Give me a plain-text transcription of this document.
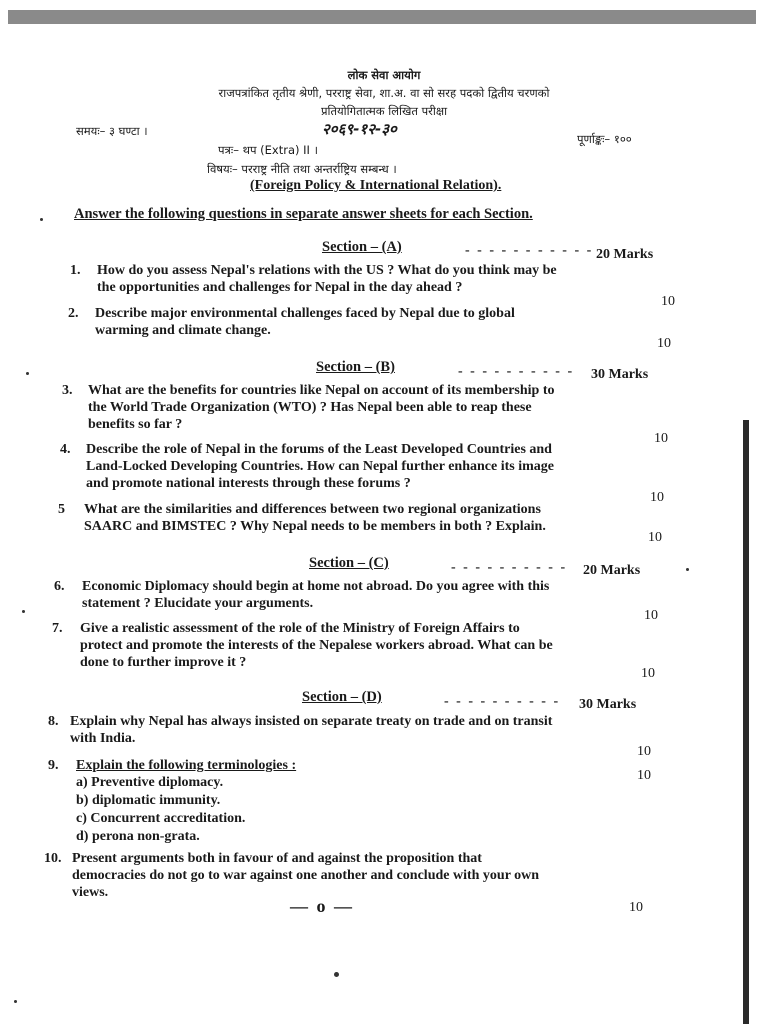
लोक सेवा आयोग
राजपत्रांकित तृतीय श्रेणी, परराष्ट्र सेवा, शा.अ. वा सो सरह पदको द्वितीय चरणको
प्रतियोगितात्मक लिखित परीक्षा
समयः– ३ घण्टा ।	२०६९-१२-३०
पूर्णाङ्कः– १००
पत्रः– थप (Extra) II ।
विषयः– परराष्ट्र नीति तथा अन्तर्राष्ट्रिय सम्बन्ध ।
(Foreign Policy & International Relation).
Answer the following questions in separate answer sheets for each Section.
Section – (A)	- - - - - - - - - - - 20 Marks
1. How do you assess Nepal's relations with the US ? What do you think may be
the opportunities and challenges for Nepal in the day ahead ?
10
2. Describe major environmental challenges faced by Nepal due to global
warming and climate change.
10
Section – (B)	- - - - - - - - - - 30 Marks
3. What are the benefits for countries like Nepal on account of its membership to
the World Trade Organization (WTO) ? Has Nepal been able to reap these
benefits so far ?
10
4. Describe the role of Nepal in the forums of the Least Developed Countries and
Land-Locked Developing Countries. How can Nepal further enhance its image
and promote national interests through these forums ?
10
5 What are the similarities and differences between two regional organizations
SAARC and BIMSTEC ? Why Nepal needs to be members in both ? Explain.
10
Section – (C)	- - - - - - - - - - 20 Marks
6. Economic Diplomacy should begin at home not abroad. Do you agree with this
statement ? Elucidate your arguments.
10
7. Give a realistic assessment of the role of the Ministry of Foreign Affairs to
protect and promote the interests of the Nepalese workers abroad. What can be
done to further improve it ?
10
Section – (D)	- - - - - - - - - - 30 Marks
8. Explain why Nepal has always insisted on separate treaty on trade and on transit
with India.
10
9. Explain the following terminologies :
10
a) Preventive diplomacy.
b) diplomatic immunity.
c) Concurrent accreditation.
d) perona non-grata.
10. Present arguments both in favour of and against the proposition that
democracies do not go to war against one another and conclude with your own
views.
10
— o —
